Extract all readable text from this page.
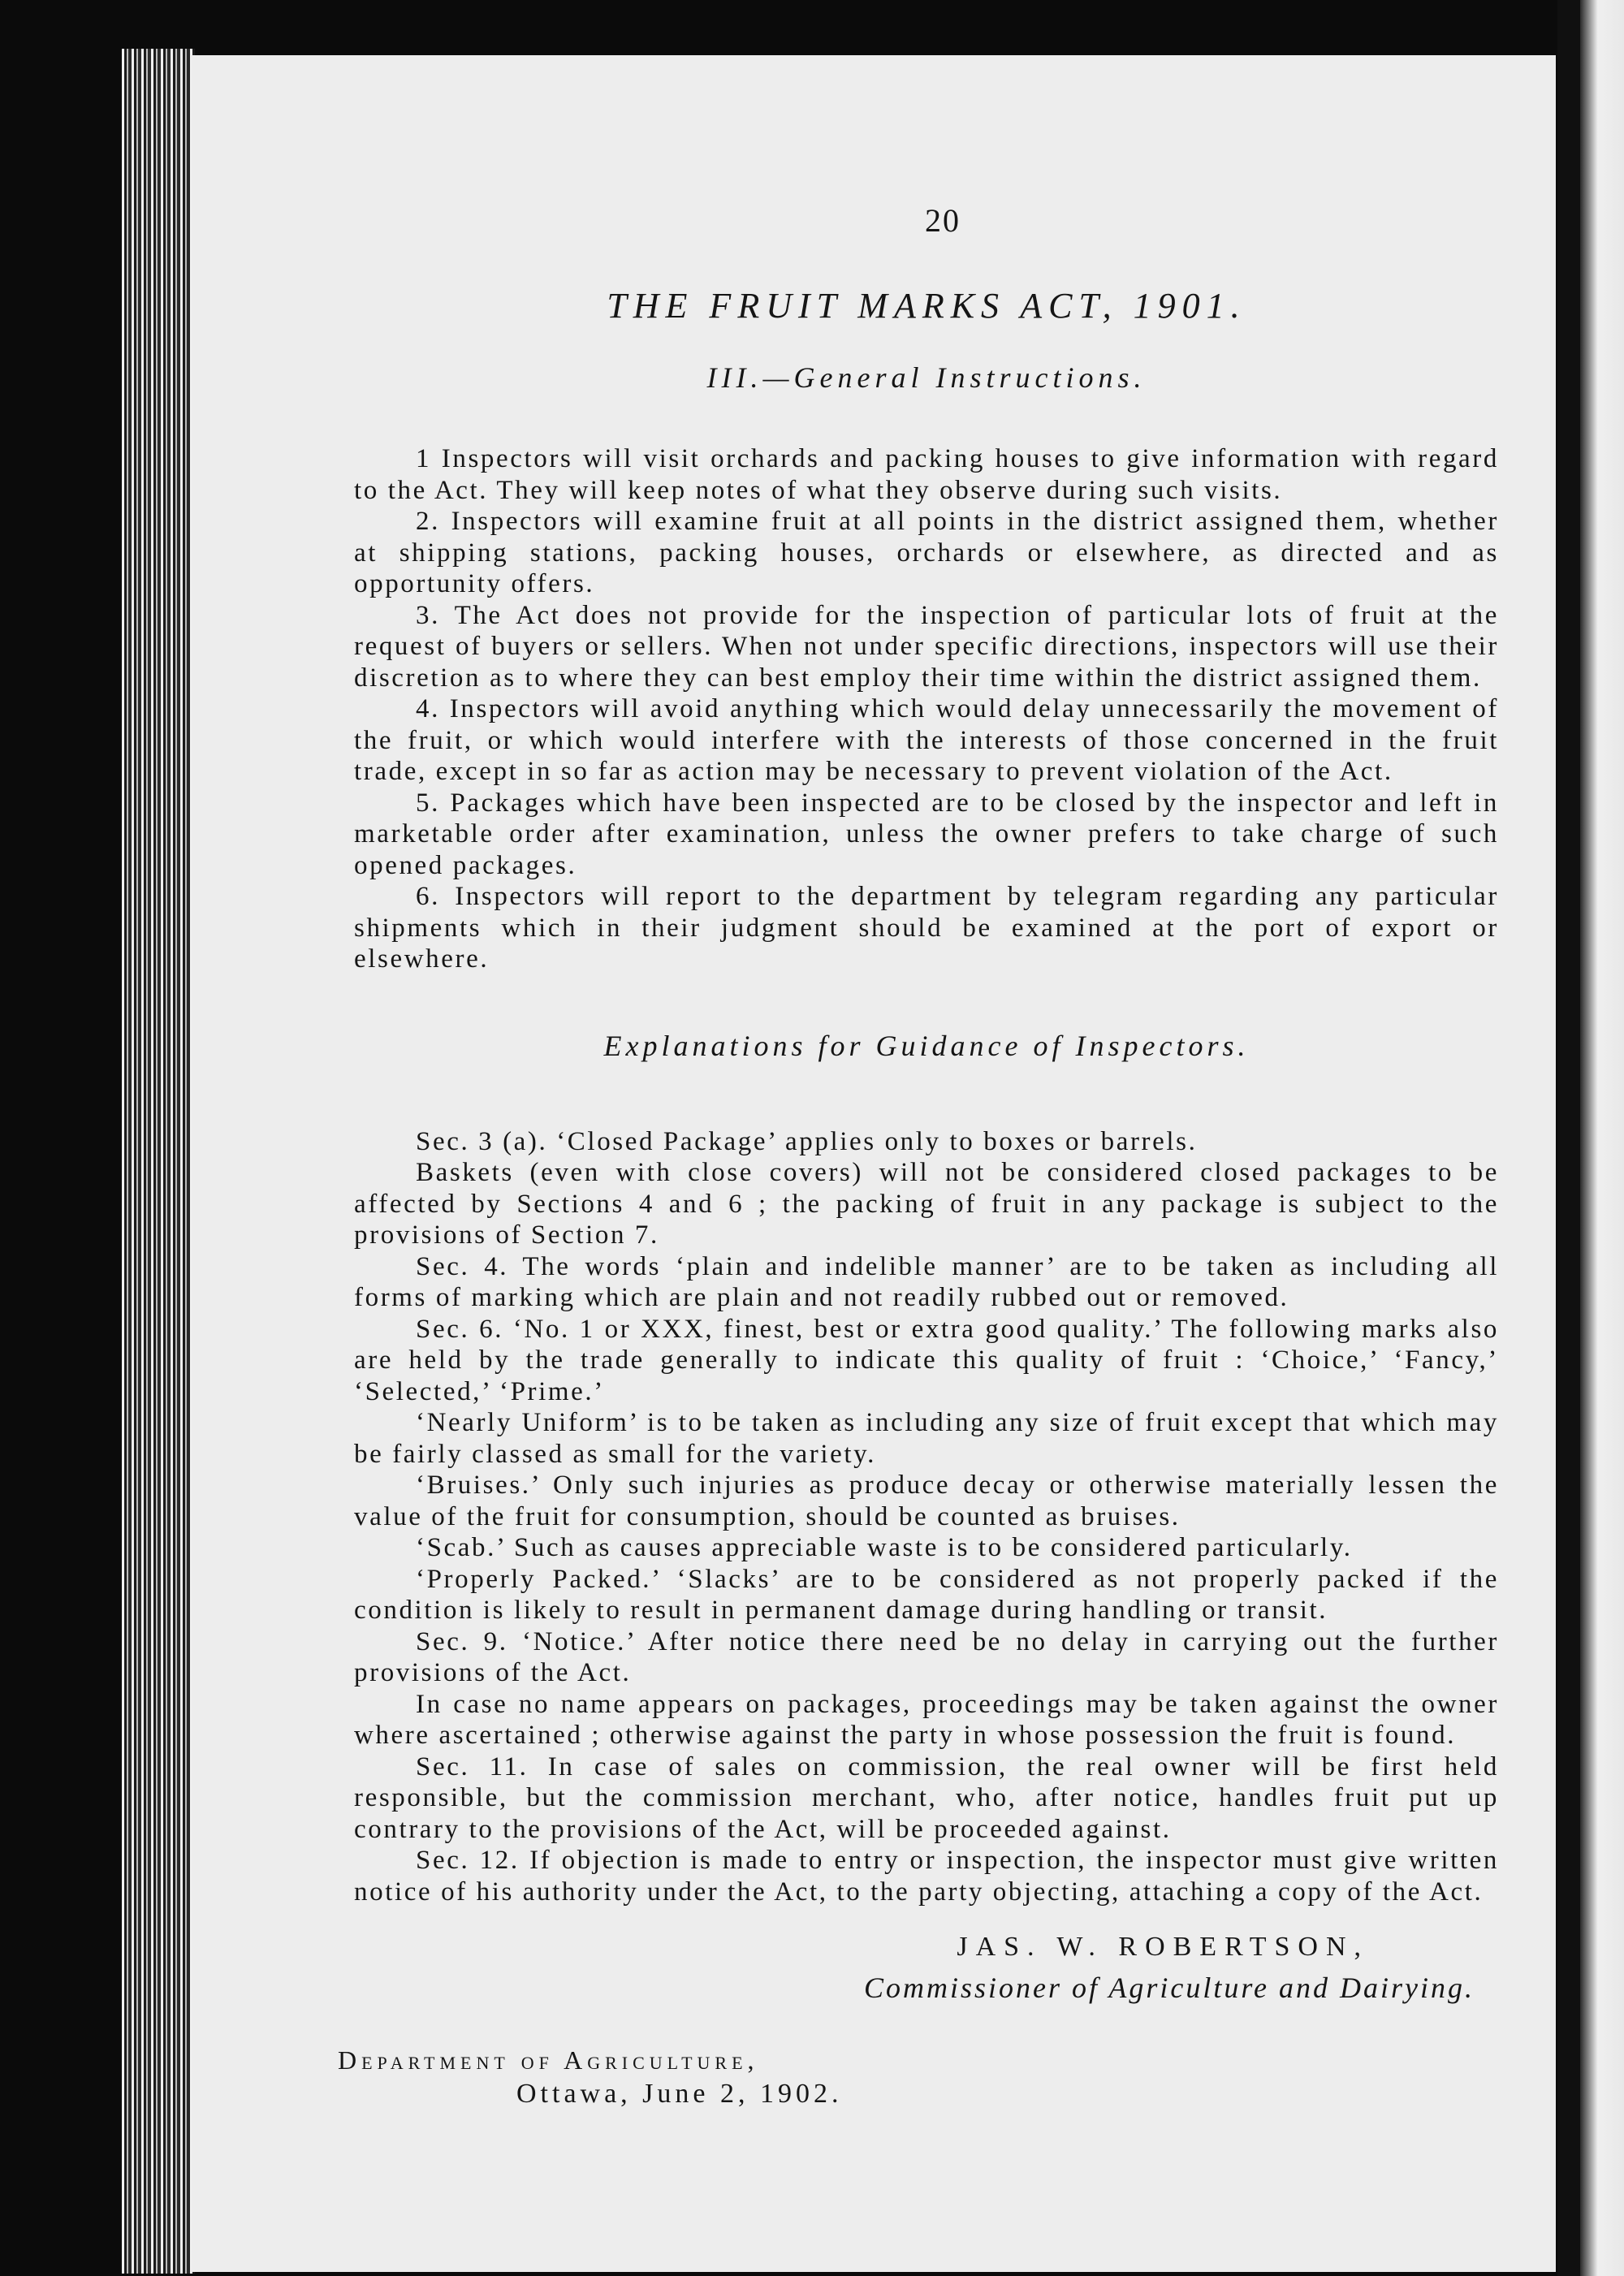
20
THE FRUIT MARKS ACT, 1901.
III.—General Instructions.

1 Inspectors will visit orchards and packing houses to give information with regard to the Act. They will keep notes of what they observe during such visits.

2. Inspectors will examine fruit at all points in the district assigned them, whether at shipping stations, packing houses, orchards or elsewhere, as directed and as opportunity offers.

3. The Act does not provide for the inspection of particular lots of fruit at the request of buyers or sellers. When not under specific directions, inspectors will use their discretion as to where they can best employ their time within the district assigned them.

4. Inspectors will avoid anything which would delay unnecessarily the movement of the fruit, or which would interfere with the interests of those concerned in the fruit trade, except in so far as action may be necessary to prevent violation of the Act.

5. Packages which have been inspected are to be closed by the inspector and left in marketable order after examination, unless the owner prefers to take charge of such opened packages.

6. Inspectors will report to the department by telegram regarding any particular shipments which in their judgment should be examined at the port of export or elsewhere.

Explanations for Guidance of Inspectors.

Sec. 3 (a). ‘Closed Package’ applies only to boxes or barrels.

Baskets (even with close covers) will not be considered closed packages to be affected by Sections 4 and 6 ; the packing of fruit in any package is subject to the provisions of Section 7.

Sec. 4. The words ‘plain and indelible manner’ are to be taken as including all forms of marking which are plain and not readily rubbed out or removed.

Sec. 6. ‘No. 1 or XXX, finest, best or extra good quality.’ The following marks also are held by the trade generally to indicate this quality of fruit : ‘Choice,’ ‘Fancy,’ ‘Selected,’ ‘Prime.’

‘Nearly Uniform’ is to be taken as including any size of fruit except that which may be fairly classed as small for the variety.

‘Bruises.’ Only such injuries as produce decay or otherwise materially lessen the value of the fruit for consumption, should be counted as bruises.

‘Scab.’ Such as causes appreciable waste is to be considered particularly.

‘Properly Packed.’ ‘Slacks’ are to be considered as not properly packed if the condition is likely to result in permanent damage during handling or transit.

Sec. 9. ‘Notice.’ After notice there need be no delay in carrying out the further provisions of the Act.

In case no name appears on packages, proceedings may be taken against the owner where ascertained ; otherwise against the party in whose possession the fruit is found.

Sec. 11. In case of sales on commission, the real owner will be first held responsible, but the commission merchant, who, after notice, handles fruit put up contrary to the provisions of the Act, will be proceeded against.

Sec. 12. If objection is made to entry or inspection, the inspector must give written notice of his authority under the Act, to the party objecting, attaching a copy of the Act.

JAS. W. ROBERTSON,
Commissioner of Agriculture and Dairying.
Department of Agriculture,
Ottawa, June 2, 1902.
